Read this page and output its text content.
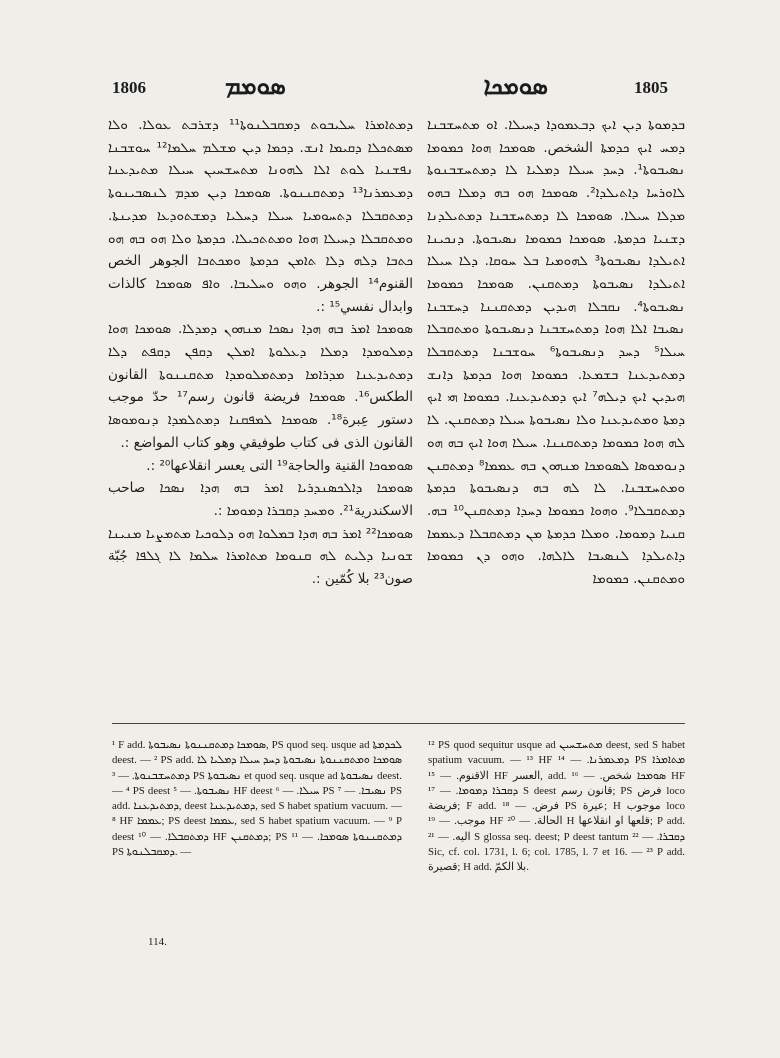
1806	ܣܘܡܡ	ܣܘܡܟܐ	1805

ܕܡܬܐܡܪܐ ܚܠܝܒܘܬ ܕܡܩܒܠܢܘܬܐ¹¹ ܕܫܪܒܬ ܥܘܠܐ. ܘܠܐ ܡܣܬܟܠܐ ܕܩܝܡܐ ܐܢܫ. ܕܟܡܐ ܕܝܢ ܡܫܠܡ ܚܠܡܐ¹² ܚܘܫܒܢܐ ܢܦܫܢܝܐ ܠܘܬ ܐܠܐ ܠܗܘܢܐ ܡܬܚܫܚܝܢ ܚܝܠܐ ܡܬܝܕܥܢܐ ܕܡܥܡܪܢܐ¹³ ܕܡܬܩܢܢܘܬܐ. ܣܘܡܟܐ ܕܝܢ ܡܕܡ ܠܢܣܒܝܢܘܬܐ ܕܡܬܩܒܠܐ ܕܬܚܘܡܝܐ ܚܝܠܐ ܕܚܠܝܐ ܕܡܫܬܘܕܥܐ ܡܕܝܢܬܐ. ܘܡܬܩܒܠܐ ܕܚܝܠܐ ܗܘܐ ܘܡܬܬܟܝܠܐ. ܟܕܡܬܐ ܘܠܐ ܗܘ ܒܗ ܗܘ ܟܬܒܐ ܕܠܗ ܕܠܐ ܬܐܡܢ ܟܕܡܬܐ ܘܡܟܬܒܐ الجوهر الخص القنوم¹⁴ الجوهر. ܘܗܘ ܘܚܠܝܒܐ. ܘܐܦ ܣܘܡܟܐ كالذات وابدال نفسي¹⁵ :.

ܣܘܡܟܐ ܐܡܪ ܒܗ ܗܕܐ ܢܣܟܐ ܡܢܗܘܢ ܕܡܕܠܐ. ܣܘܡܟܐ ܗܘܐ ܕܡܠܘܡܕܐ ܕܡܠܐ ܕܥܠܘܬܐ ܐܡܠܢ ܕܩܦܢ ܕܩܦܬ ܕܠܐ ܕܡܬܝܕܥܢܐ ܡܕܪܐܡܐ ܕܡܬܡܠܘܡܕܐ ܡܬܩܢܢܘܬܐ القانون الطكس¹⁶. ܣܘܡܟܐ فريضة قانون رسم¹⁷ حدّ موجب دستور عِبرة¹⁸. ܣܘܡܟܐ ܠܡܦܩܢܐ ܕܡܬܠܡܕܐ ܕܢܘܡܘܣܐ القانون الذى فى كتاب طوفيقي وهو كتاب المواضع :.

ܣܘܡܘܟܐ القنية والحاجة¹⁹ التى يعسر انقلاعها²⁰ :.

ܣܘܡܟܐ ܕܐܠܟܣܢܕܪܝܐ ܐܡܪ ܒܗ ܗܕܐ ܢܣܟܐ صاحب الاسكندرية²¹. ܘܡܚܕ ܕܩܒܪܐ ܕܡܘܡܐ :.

ܣܘܡܟܐ²² ܐܡܪ ܒܗ ܗܕܐ ܒܡܠܘܐ ܗܘ ܕܠܘܟܝܐ ܡܬܡܨܝܐ ܡܢܝܢܐ ܫܘܢܝܐ ܕܠܝܬ ܠܗ ܩܢܘܡܐ ܡܬܐܡܪܐ ܚܠܡܐ ܠܐ ܓܠܦܐ جُبّة صون²³ بلا كُمّين :.

ܒܕܡܘܬܐ ܕܝܢ ܐܝܟ ܕܒܥܡܘܕܐ ܕܚܝܠܐ. ܐܘ ܡܬܚܫܒܢܐ ܕܡܚ ܐܝܟ ܟܕܡܬܐ الشخص. ܣܘܡܟܐ ܗܘܐ ܟܡܘܡܐ ܢܣܝܒܘܬܐ¹. ܕܚܕ ܚܝܠܐ ܕܡܠܝܐ ܠܐ ܕܡܬܚܫܒܢܘܬܐ ܠܐܘܪܚܐ ܕܐܬܝܠܕܐ². ܣܘܡܟܐ ܗܘ ܒܗ ܕܡܠܐ ܒܗܘ ܡܕܠܐ ܚܝܠܐ. ܣܘܡܟܐ ܠܐ ܕܡܬܚܫܒܢܐ ܕܡܬܝܠܕܢܐ ܕܫܢܝܐ ܟܕܡܬܐ. ܣܘܡܟܐ ܟܡܘܡܐ ܢܣܝܒܘܬܐ. ܕܢܟܝܢܐ ܐܬܝܠܕܐ ܢܣܝܒܘܬܐ³ ܠܗܘܡܝܐ ܒܠ ܚܘܩܐ. ܕܠܐ ܚܝܠܐ ܐܬܝܠܕܐ ܢܣܝܒܘܬܐ ܕܡܬܩܢܢ. ܣܘܡܟܐ ܟܡܘܡܐ ܢܣܝܒܘܬܐ⁴. ܢܩܒܠܐ ܗܝܕܝܢ ܕܡܬܩܢܢܐ ܕܚܫܒܢܐ ܢܣܝܒܐ ܐܠܐ ܗܘܐ ܕܡܬܚܫܒܢܐ ܕܢܣܝܒܘܬܐ ܘܡܬܩܒܠܐ ܚܝܠܐ⁵ ܕܚܕ ܕܢܣܝܒܘܬܐ⁶ ܚܘܫܒܢܐ ܕܡܬܩܒܠܐ ܕܡܬܝܕܥܢܐ ܒܫܡܥܐ. ܟܡܘܡܐ ܗܘܐ ܟܕܡܬܐ ܕܐܢܫ ܗܝܕܝܢ ܐܝܟ ܕܝܠܗ⁷ ܐܝܟ ܕܡܬܝܕܥܢܐ. ܟܡܘܡܐ ܗܝ ܐܝܟ ܕܡܬܐ ܘܡܬܝܕܥܢܐ ܘܠܐ ܢܣܝܒܘܬܐ ܚܝܠܐ ܕܡܬܩܢܢ. ܠܐ ܠܗ ܗܘܐ ܟܡܘܡܐ ܕܡܬܩܢܢܐ. ܚܝܠܐ ܗܘܐ ܐܝܟ ܒܗ ܗܘ ܕܢܘܡܘܣܐ ܠܣܘܡܟܐ ܡܢܗܘܢ ܒܗ ܥܡܡܐ⁸ ܕܡܬܩܢܢ ܘܡܬܚܫܒܢܐ. ܠܐ ܠܗ ܒܗ ܕܢܣܝܒܘܬܐ ܟܕܡܬܐ ܕܡܬܩܒܠܐ⁹. ܘܗܘܐ ܟܡܘܡܐ ܕܚܕܐ ܕܡܬܩܢܢ¹⁰ ܒܗ. ܩܢܝܐ ܕܡܘܡܐ. ܘܡܠܐ ܟܕܡܬܐ ܡܢ ܕܡܬܩܒܠܐ ܕܥܡܡܐ ܕܐܬܝܠܕܐ ܠܢܣܝܒܐ ܠܐܠܗܐ. ܘܗܘ ܕܢ ܟܡܘܡܐ ܘܡܬܩܢܢ. ܟܡܘܡܐ

¹ F add. ܣܘܡܟܐ ܕܡܬܩܢܢܘܬܐ ܢܣܝܒܘܬܐ, PS quod seq. usque ad ܠܟܕܡܬܐ deest. — ² PS add. ܣܘܡܟܐ ܘܡܬܩܢܢܘܬܐ ܢܣܝܒܘܬܐ ܕܚܕ ܚܝܠܐ ܕܡܠܝܐ ܠܐ ܕܡܬܚܫܒܢܘܬܐ. — ³ PS ܢܣܝܒܘܬܐ et quod seq. usque ad ܢܣܝܒܘܬܐ deest. — ⁴ PS deest ܢܣܝܒܘܬܐ. — ⁵ HF deest ܚܝܠܐ. — ⁶ PS ܢܣܝܒܐ. — ⁷ PS add. ܕܡܬܝܕܥܢܐ, deest ܕܡܬܝܕܥܢܐ, sed S habet spatium vacuum. — ⁸ HF ܥܡܡܐ; PS deest ܥܡܡܐ, sed S habet spatium vacuum. — ⁹ P deest ܕܡܬܩܒܠܐ. — ¹⁰ HF ܕܡܬܩܢܢ; PS ܕܡܬܩܢܢܘܬܐ ܣܘܡܟܐ. — ¹¹ PS ܕܡܩܒܠܢܘܬܐ. —
¹² PS quod sequitur usque ad ܡܬܚܫܚܝܢ deest, sed S habet spatium vacuum. — ¹³ HF ܕܡܥܡܪܢܐ. — ¹⁴ PS ܡܬܐܡܪܐ الاقنوم. — ¹⁵ HF العسر, add. ܣܘܡܟܐ شخص. — ¹⁶ HF ܕܩܒܪܐ ܕܡܘܡܐ. — ¹⁷ S deest قانون رسم; PS فرض loco فريضة; F add. فرض. — ¹⁸ PS عيرة; H موجوب loco موجب. — ¹⁹ HF الحالة. — ²⁰ H قلعها او انقلاعها; P add. اليه. — ²¹ S glossa seq. deest; P deest tantum ܕܩܒܪܐ. — ²² Sic, cf. col. 1731, l. 6; col. 1785, l. 7 et 16. — ²³ P add. قصيرة; H add. بلا الكمّ.
114.
